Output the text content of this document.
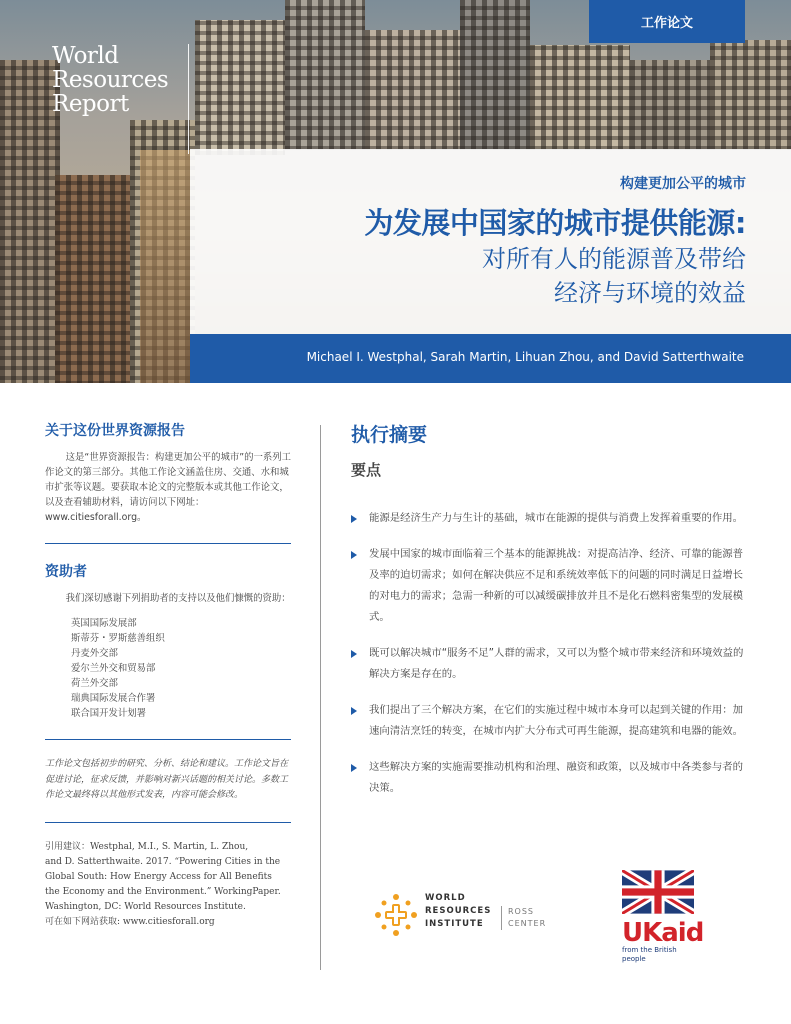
工作论文
World
Resources
Report
构建更加公平的城市
为发展中国家的城市提供能源:
对所有人的能源普及带给
经济与环境的效益
Michael I. Westphal, Sarah Martin, Lihuan Zhou, and David Satterthwaite
关于这份世界资源报告

这是“世界资源报告：构建更加公平的城市”的一系列工作论文的第三部分。其他工作论文涵盖住房、交通、水和城市扩张等议题。要获取本论文的完整版本或其他工作论文，以及查看辅助材料，请访问以下网址：www.citiesforall.org。

资助者

我们深切感谢下列捐助者的支持以及他们慷慨的资助：

英国国际发展部
斯蒂芬・罗斯慈善组织
丹麦外交部
爱尔兰外交和贸易部
荷兰外交部
瑞典国际发展合作署
联合国开发计划署

工作论文包括初步的研究、分析、结论和建议。工作论文旨在促进讨论，征求反馈，并影响对新兴话题的相关讨论。多数工作论文最终将以其他形式发表，内容可能会修改。

引用建议：Westphal, M.I., S. Martin, L. Zhou,

and D. Satterthwaite. 2017. “Powering Cities in the

Global South: How Energy Access for All Benefits

the Economy and the Environment.” WorkingPaper.

Washington, DC: World Resources Institute.

可在如下网站获取: www.citiesforall.org

执行摘要

要点

能源是经济生产力与生计的基础，城市在能源的提供与消费上发挥着重要的作用。
发展中国家的城市面临着三个基本的能源挑战：对提高洁净、经济、可靠的能源普及率的迫切需求；如何在解决供应不足和系统效率低下的问题的同时满足日益增长的对电力的需求；急需一种新的可以减缓碳排放并且不是化石燃料密集型的发展模式。
既可以解决城市“服务不足”人群的需求，又可以为整个城市带来经济和环境效益的解决方案是存在的。
我们提出了三个解决方案，在它们的实施过程中城市本身可以起到关键的作用：加速向清洁烹饪的转变，在城市内扩大分布式可再生能源，提高建筑和电器的能效。
这些解决方案的实施需要推动机构和治理、融资和政策，以及城市中各类参与者的决策。
WORLD
RESOURCES
INSTITUTE
ROSS
CENTER	UKaid
from the British people
